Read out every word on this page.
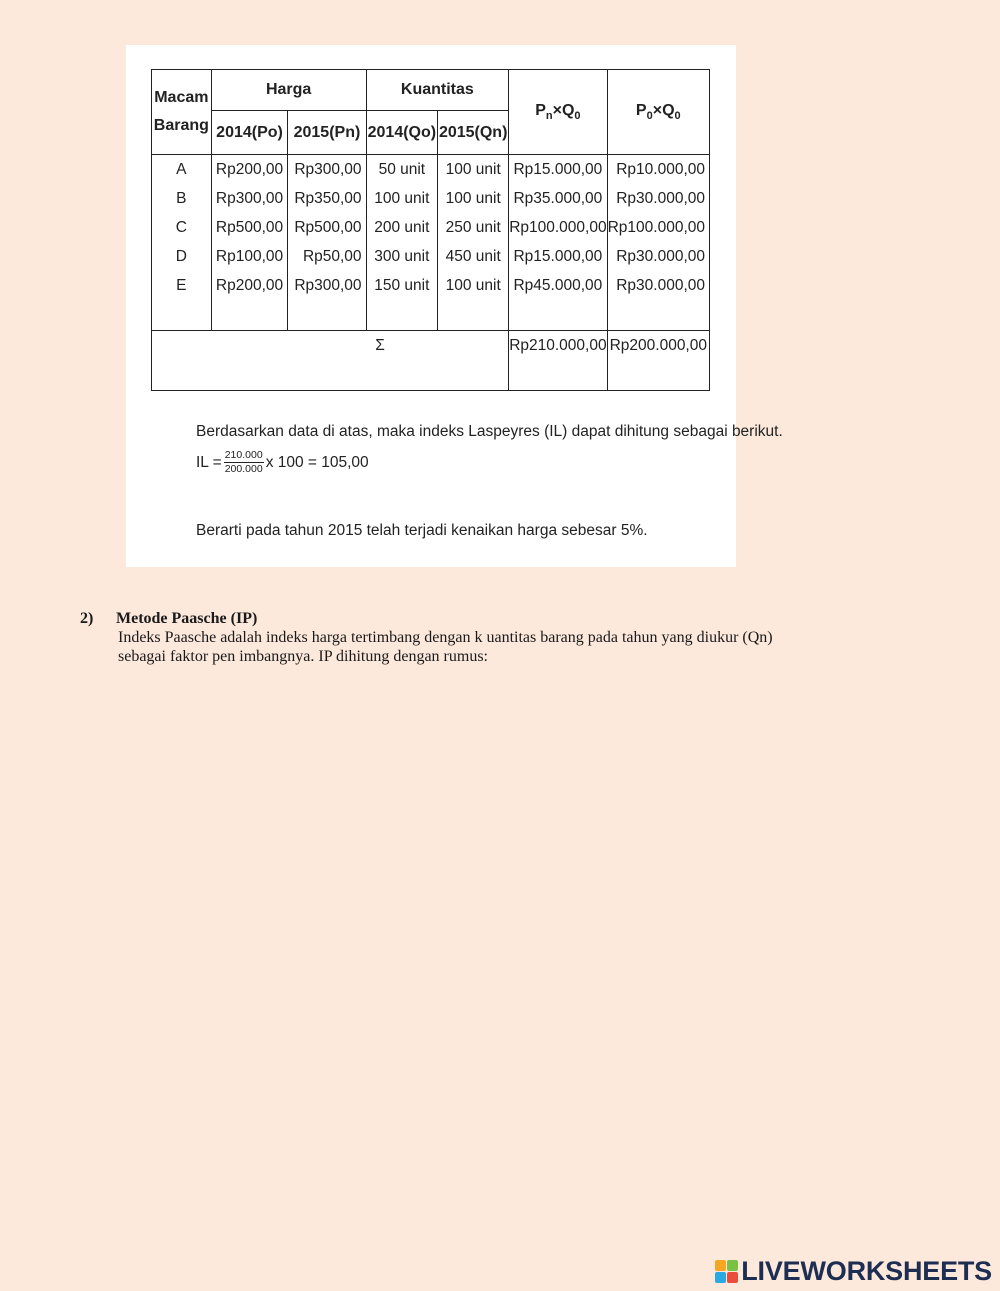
Macam
Barang	Harga		Kuantitas		$P_n\times Q_0$	$P_0\times Q_0$
	2014(Po)	2015(Pn)	2014(Qo)	2015(Qn)		
A	Rp200,00	Rp300,00	50 unit	100 unit	Rp15.000,00	Rp10.000,00
B	Rp300,00	Rp350,00	100 unit	100 unit	Rp35.000,00	Rp30.000,00
C	Rp500,00	Rp500,00	200 unit	250 unit	Rp100.000,00	Rp100.000,00
D	Rp100,00	Rp50,00	300 unit	450 unit	Rp15.000,00	Rp30.000,00
E	Rp200,00	Rp300,00	150 unit	100 unit	Rp45.000,00	Rp30.000,00

Σ					Rp210.000,00	Rp200.000,00
Berdasarkan data di atas, maka indeks Laspeyres (IL) dapat dihitung sebagai berikut.
IL = $\frac{210.000}{200.000}$ x 100 = 105,00
Berarti pada tahun 2015 telah terjadi kenaikan harga sebesar 5%.
2)	Metode Paasche (IP)
Indeks Paasche adalah indeks harga tertimbang dengan k uantitas barang pada tahun yang diukur (Qn)
sebagai faktor pen imbangnya. IP dihitung dengan rumus:
LIVEWORKSHEETS
